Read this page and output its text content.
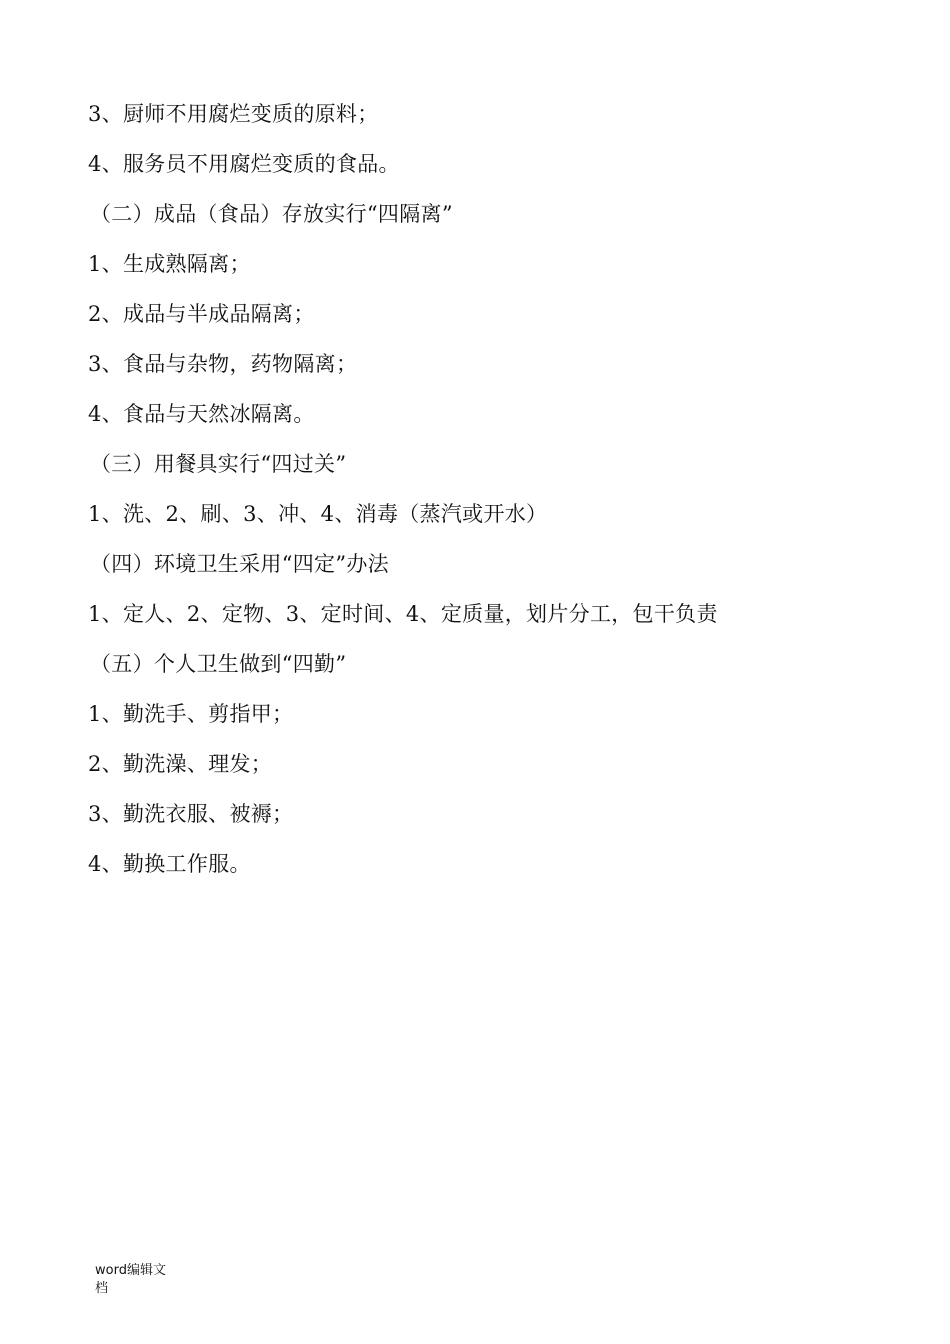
3、厨师不用腐烂变质的原料；
4、服务员不用腐烂变质的食品。
（二）成品（食品）存放实行“四隔离”
1、生成熟隔离；
2、成品与半成品隔离；
3、食品与杂物，药物隔离；
4、食品与天然冰隔离。
（三）用餐具实行“四过关”
1、洗、2、刷、3、冲、4、消毒（蒸汽或开水）
（四）环境卫生采用“四定”办法
1、定人、2、定物、3、定时间、4、定质量，划片分工，包干负责
（五）个人卫生做到“四勤”
1、勤洗手、剪指甲；
2、勤洗澡、理发；
3、勤洗衣服、被褥；
4、勤换工作服。
word编辑文
档
